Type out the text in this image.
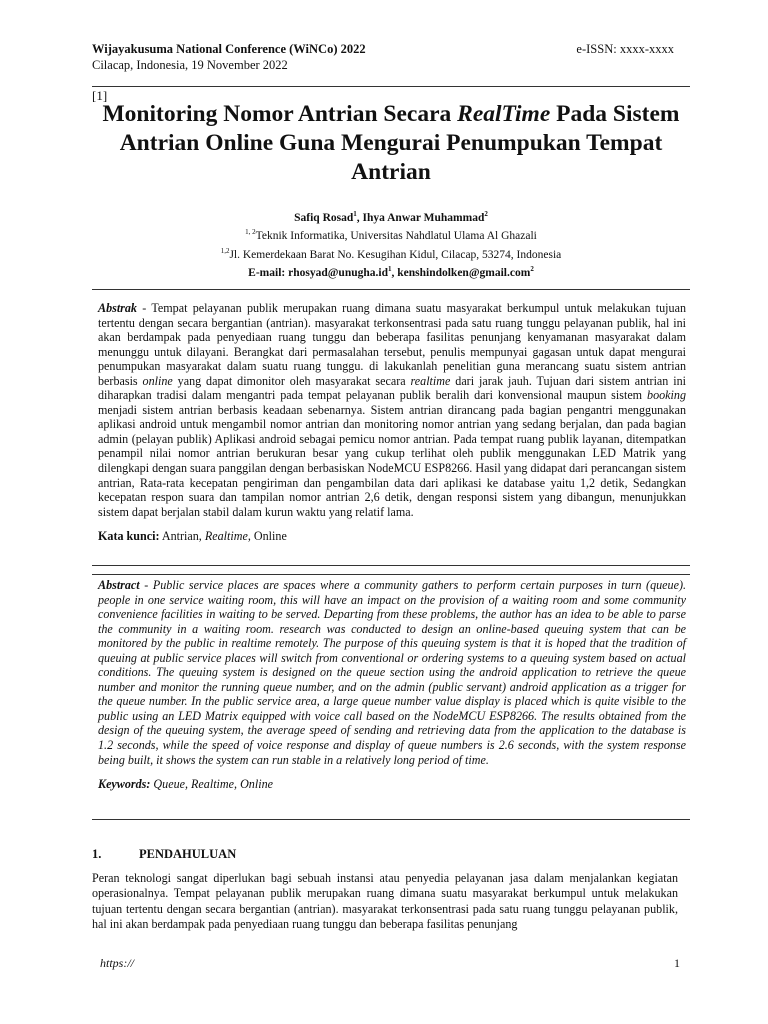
Wijayakusuma National Conference (WiNCo) 2022
Cilacap, Indonesia, 19 November 2022
e-ISSN: xxxx-xxxx
[1]
Monitoring Nomor Antrian Secara RealTime Pada Sistem Antrian Online Guna Mengurai Penumpukan Tempat Antrian
Safiq Rosad$^1$, Ihya Anwar Muhammad$^2$
$^{1, 2}$Teknik Informatika, Universitas Nahdlatul Ulama Al Ghazali
$^{1,2}$Jl. Kemerdekaan Barat No. Kesugihan Kidul, Cilacap, 53274, Indonesia
E-mail: $rhosyad@unugha.id^1$, kenshindolken@gmail.com$^2$
Abstrak - Tempat pelayanan publik merupakan ruang dimana suatu masyarakat berkumpul untuk melakukan tujuan tertentu dengan secara bergantian (antrian). masyarakat terkonsentrasi pada satu ruang tunggu pelayanan publik, hal ini akan berdampak pada penyediaan ruang tunggu dan beberapa fasilitas penunjang kenyamanan masyarakat dalam menunggu untuk dilayani. Berangkat dari permasalahan tersebut, penulis mempunyai gagasan untuk dapat mengurai penumpukan masyarakat dalam suatu ruang tunggu. di lakukanlah penelitian guna merancang suatu sistem antrian berbasis online yang dapat dimonitor oleh masyarakat secara realtime dari jarak jauh. Tujuan dari sistem antrian ini diharapkan tradisi dalam mengantri pada tempat pelayanan publik beralih dari konvensional maupun sistem booking menjadi sistem antrian berbasis keadaan sebenarnya. Sistem antrian dirancang pada bagian pengantri menggunakan aplikasi android untuk mengambil nomor antrian dan monitoring nomor antrian yang sedang berjalan, dan pada bagian admin (pelayan publik) Aplikasi android sebagai pemicu nomor antrian. Pada tempat ruang publik layanan, ditempatkan penampil nilai nomor antrian berukuran besar yang cukup terlihat oleh publik menggunakan LED Matrik yang dilengkapi dengan suara panggilan dengan berbasiskan NodeMCU ESP8266. Hasil yang didapat dari perancangan sistem antrian, Rata-rata kecepatan pengiriman dan pengambilan data dari aplikasi ke database yaitu 1,2 detik, Sedangkan kecepatan respon suara dan tampilan nomor antrian 2,6 detik, dengan responsi sistem yang dibangun, menunjukkan sistem dapat berjalan stabil dalam kurun waktu yang relatif lama.
Kata kunci: Antrian, Realtime, Online
Abstract - Public service places are spaces where a community gathers to perform certain purposes in turn (queue). people in one service waiting room, this will have an impact on the provision of a waiting room and some community convenience facilities in waiting to be served. Departing from these problems, the author has an idea to be able to parse the community in a waiting room. research was conducted to design an online-based queuing system that can be monitored by the public in realtime remotely. The purpose of this queuing system is that it is hoped that the tradition of queuing at public service places will switch from conventional or ordering systems to a queuing system based on actual conditions. The queuing system is designed on the queue section using the android application to retrieve the queue number and monitor the running queue number, and on the admin (public servant) android application as a trigger for the queue number. In the public service area, a large queue number value display is placed which is quite visible to the public using an LED Matrix equipped with voice call based on the NodeMCU ESP8266. The results obtained from the design of the queuing system, the average speed of sending and retrieving data from the application to the database is 1.2 seconds, while the speed of voice response and display of queue numbers is 2.6 seconds, with the system response being built, it shows the system can run stable in a relatively long period of time.
Keywords: Queue, Realtime, Online
1.	PENDAHULUAN
Peran teknologi sangat diperlukan bagi sebuah instansi atau penyedia pelayanan jasa dalam menjalankan kegiatan operasionalnya. Tempat pelayanan publik merupakan ruang dimana suatu masyarakat berkumpul untuk melakukan tujuan tertentu dengan secara bergantian (antrian). masyarakat terkonsentrasi pada satu ruang tunggu pelayanan publik, hal ini akan berdampak pada penyediaan ruang tunggu dan beberapa fasilitas penunjang
https://	1
